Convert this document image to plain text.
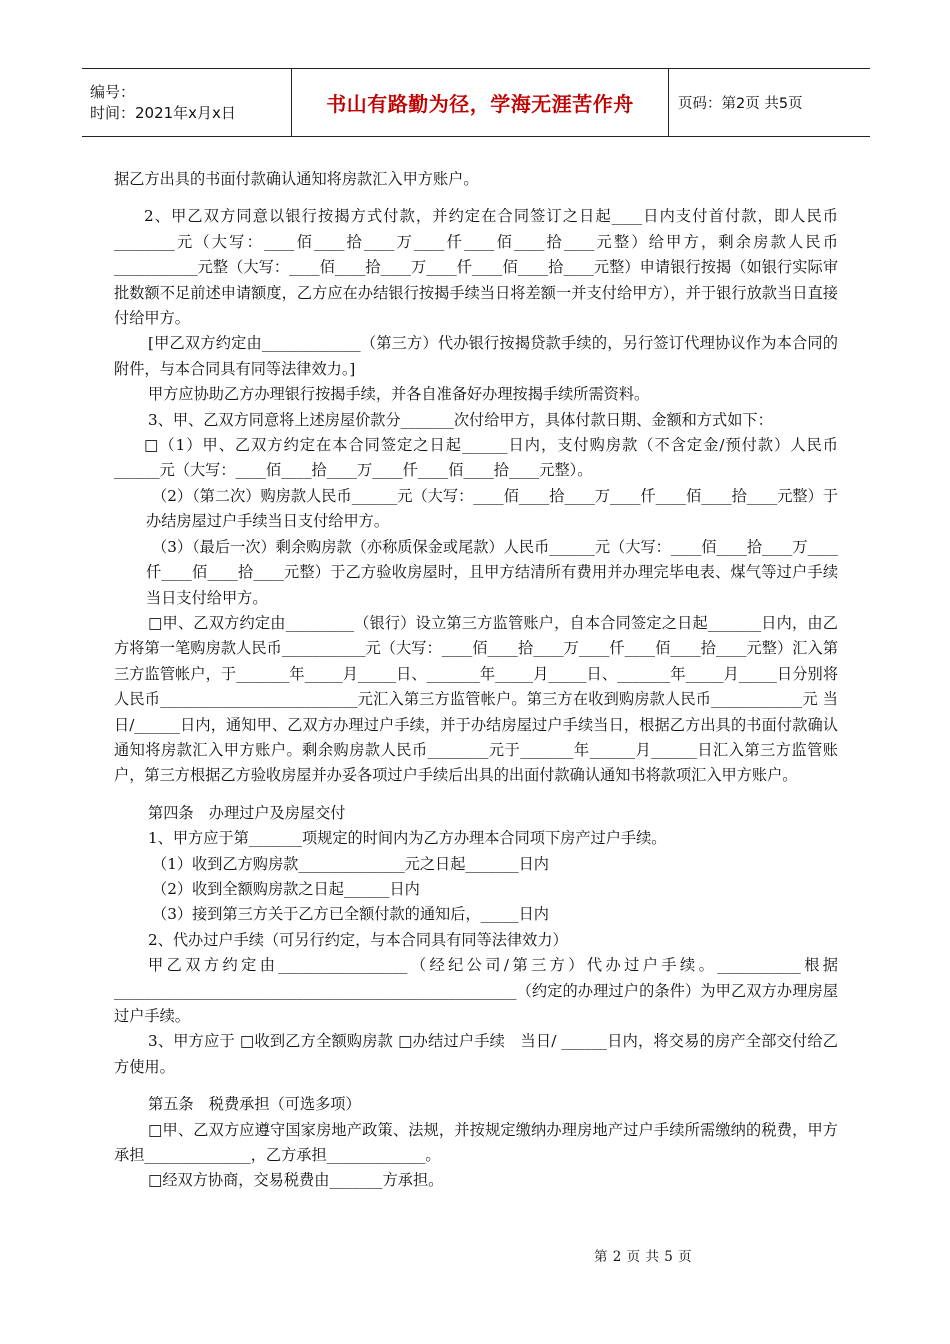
编号：
时间：2021年x月x日	书山有路勤为径，学海无涯苦作舟	页码：第2页 共5页

据乙方出具的书面付款确认通知将房款汇入甲方账户。

2、甲乙双方同意以银行按揭方式付款，并约定在合同签订之日起____日内支付首付款，即人民币________元（大写：____佰____拾____万____仟____佰____拾____元整）给甲方，剩余房款人民币___________元整（大写：____佰____拾____万____仟____佰____拾____元整）申请银行按揭（如银行实际审批数额不足前述申请额度，乙方应在办结银行按揭手续当日将差额一并支付给甲方），并于银行放款当日直接付给甲方。

[甲乙双方约定由_____________（第三方）代办银行按揭贷款手续的，另行签订代理协议作为本合同的附件，与本合同具有同等法律效力。]

甲方应协助乙方办理银行按揭手续，并各自准备好办理按揭手续所需资料。

3、甲、乙双方同意将上述房屋价款分_______次付给甲方，具体付款日期、金额和方式如下：

□（1）甲、乙双方约定在本合同签定之日起______日内，支付购房款（不含定金/预付款）人民币______元（大写：____佰____拾____万____仟____佰____拾____元整）。

（2）（第二次）购房款人民币______元（大写：____佰____拾____万____仟____佰____拾____元整）于办结房屋过户手续当日支付给甲方。

（3）（最后一次）剩余购房款（亦称质保金或尾款）人民币______元（大写：____佰____拾____万____仟____佰____拾____元整）于乙方验收房屋时，且甲方结清所有费用并办理完毕电表、煤气等过户手续当日支付给甲方。

□甲、乙双方约定由_________（银行）设立第三方监管账户，自本合同签定之日起_______日内，由乙方将第一笔购房款人民币___________元（大写：____佰____拾____万____仟____佰____拾____元整）汇入第三方监管帐户，于_______年_____月_____日、_______年_____月_____日、_______年_____月_____日分别将人民币__________________________元汇入第三方监管帐户。第三方在收到购房款人民币____________元 当日/______日内，通知甲、乙双方办理过户手续，并于办结房屋过户手续当日，根据乙方出具的书面付款确认通知将房款汇入甲方账户。剩余购房款人民币________元于_______年______月______日汇入第三方监管账户，第三方根据乙方验收房屋并办妥各项过户手续后出具的出面付款确认通知书将款项汇入甲方账户。

第四条　办理过户及房屋交付

1、甲方应于第_______项规定的时间内为乙方办理本合同项下房产过户手续。

（1）收到乙方购房款______________元之日起_______日内

（2）收到全额购房款之日起______日内

（3）接到第三方关于乙方已全额付款的通知后，_____日内

2、代办过户手续（可另行约定，与本合同具有同等法律效力）

甲乙双方约定由_________________（经纪公司/第三方）代办过户手续。___________根据_____________________________________________________（约定的办理过户的条件）为甲乙双方办理房屋过户手续。

3、甲方应于 □收到乙方全额购房款 □办结过户手续　当日/ ______日内，将交易的房产全部交付给乙方使用。

第五条　税费承担（可选多项）

□甲、乙双方应遵守国家房地产政策、法规，并按规定缴纳办理房地产过户手续所需缴纳的税费，甲方承担______________，乙方承担_____________。

□经双方协商，交易税费由_______方承担。

第 2 页 共 5 页
